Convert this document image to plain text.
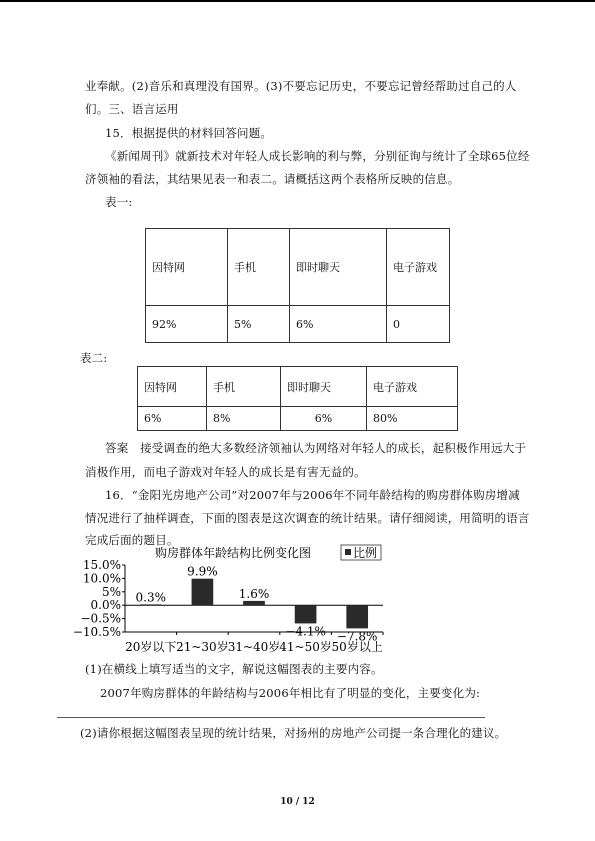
业奉献。(2)音乐和真理没有国界。(3)不要忘记历史，不要忘记曾经帮助过自己的人
们。三、语言运用
15．根据提供的材料回答问题。
《新闻周刊》就新技术对年轻人成长影响的利与弊，分别征询与统计了全球65位经
济领袖的看法，其结果见表一和表二。请概括这两个表格所反映的信息。
表一:
因特网	手机	即时聊天	电子游戏
92%	5%	6%	0
表二:
因特网	手机	即时聊天	电子游戏
6%	8%	6%	80%
答案　接受调查的绝大多数经济领袖认为网络对年轻人的成长，起积极作用远大于
消极作用，而电子游戏对年轻人的成长是有害无益的。
16．“金阳光房地产公司”对2007年与2006年不同年龄结构的购房群体购房增减
情况进行了抽样调查，下面的图表是这次调查的统计结果。请仔细阅读，用简明的语言
完成后面的题目。
购房群体年龄结构比例变化图	比例
15.0%
10.0%
5%
0.0%
−0.5%
−10.5%
0.3%
20岁以下
9.9%
21~30岁
1.6%
31~40岁
−4.1%
41~50岁
−7.8%
50岁以上
(1)在横线上填写适当的文字，解说这幅图表的主要内容。
2007年购房群体的年龄结构与2006年相比有了明显的变化，主要变化为:
(2)请你根据这幅图表呈现的统计结果，对扬州的房地产公司提一条合理化的建议。
10 / 12
